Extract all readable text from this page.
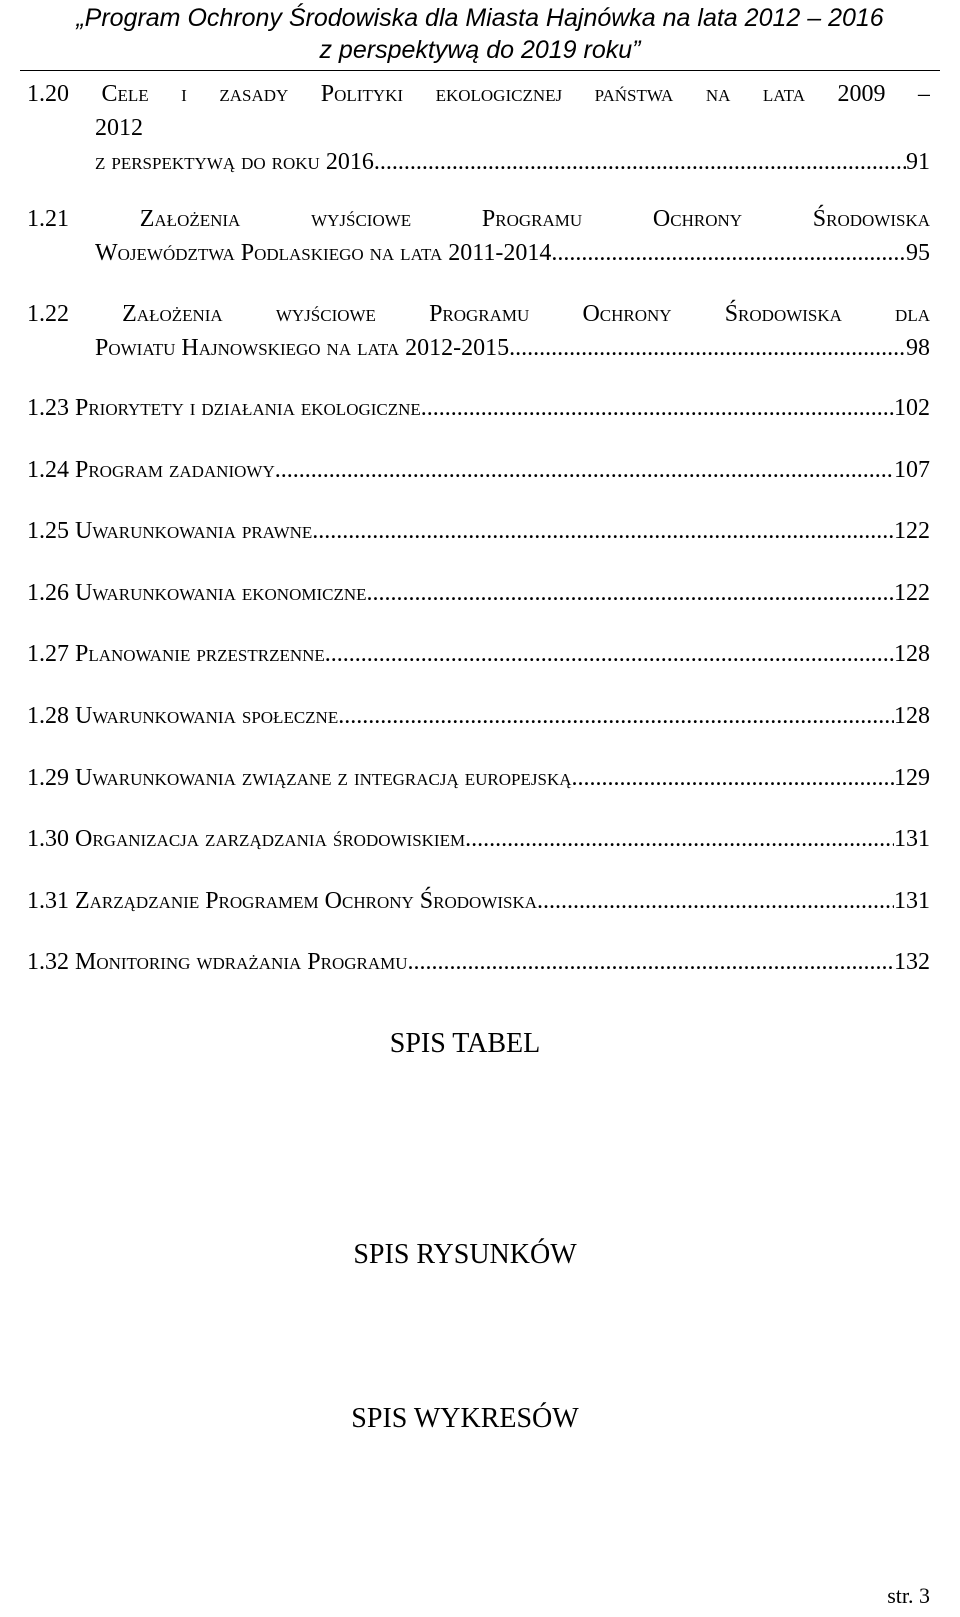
„Program Ochrony Środowiska dla Miasta Hajnówka na lata 2012 – 2016
z perspektywą do 2019 roku”
1.20 Cele i zasady Polityki ekologicznej państwa na lata 2009 –
2012
z perspektywą do roku 2016 .....	91
1.21 Założenia wyjściowe Programu Ochrony Środowiska
Województwa Podlaskiego na lata 2011-2014 .....	95
1.22 Założenia wyjściowe Programu Ochrony Środowiska dla
Powiatu Hajnowskiego na lata 2012-2015 .....	98
1.23 Priorytety i działania ekologiczne .....	102
1.24 Program zadaniowy .....	107
1.25 Uwarunkowania prawne .....	122
1.26 Uwarunkowania ekonomiczne .....	122
1.27 Planowanie przestrzenne .....	128
1.28 Uwarunkowania społeczne .....	128
1.29 Uwarunkowania związane z integracją europejską .....	129
1.30 Organizacja zarządzania środowiskiem .....	131
1.31 Zarządzanie Programem Ochrony Środowiska .....	131
1.32 Monitoring wdrażania Programu .....	132
SPIS TABEL
SPIS RYSUNKÓW
SPIS WYKRESÓW
str. 3
